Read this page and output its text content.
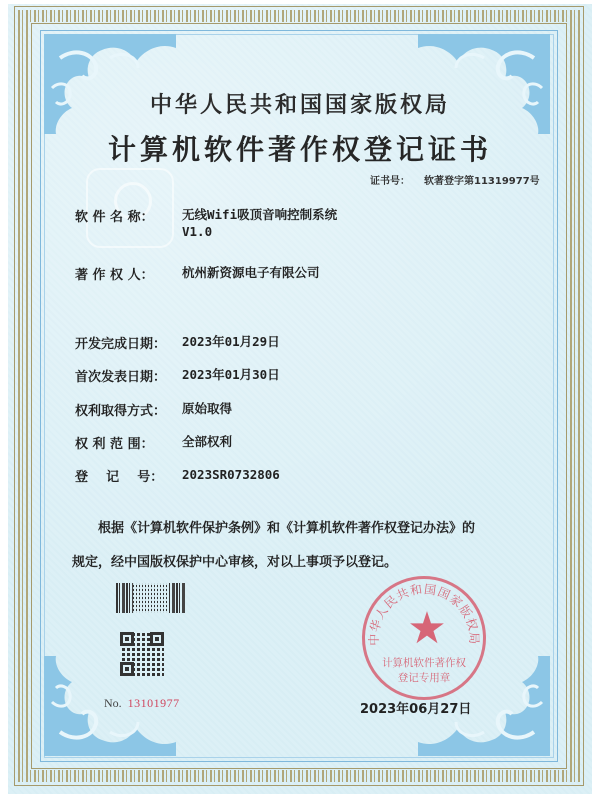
中华人民共和国国家版权局
计算机软件著作权登记证书
证书号： 软著登字第11319977号
软 件 名 称：	无线Wifi吸顶音响控制系统
V1.0
著 作 权 人：	杭州新资源电子有限公司
开发完成日期：	2023年01月29日
首次发表日期：	2023年01月30日
权利取得方式：	原始取得
权 利 范 围：	全部权利
登    记    号：	2023SR0732806
根据《计算机软件保护条例》和《计算机软件著作权登记办法》的
规定，经中国版权保护中心审核，对以上事项予以登记。
No. 13101977
中华人民共和国国家版权局
★
计算机软件著作权
登记专用章
2023年06月27日
